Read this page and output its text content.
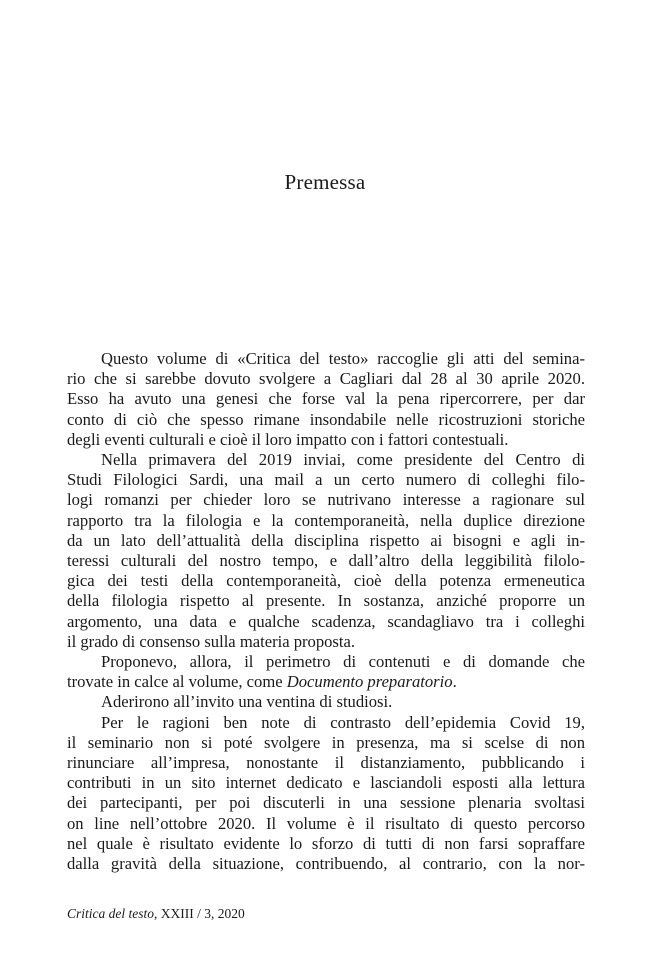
Premessa
Questo volume di «Critica del testo» raccoglie gli atti del semina-
rio che si sarebbe dovuto svolgere a Cagliari dal 28 al 30 aprile 2020.
Esso ha avuto una genesi che forse val la pena ripercorrere, per dar
conto di ciò che spesso rimane insondabile nelle ricostruzioni storiche
degli eventi culturali e cioè il loro impatto con i fattori contestuali.
Nella primavera del 2019 inviai, come presidente del Centro di
Studi Filologici Sardi, una mail a un certo numero di colleghi filo-
logi romanzi per chieder loro se nutrivano interesse a ragionare sul
rapporto tra la filologia e la contemporaneità, nella duplice direzione
da un lato dell’attualità della disciplina rispetto ai bisogni e agli in-
teressi culturali del nostro tempo, e dall’altro della leggibilità filolo-
gica dei testi della contemporaneità, cioè della potenza ermeneutica
della filologia rispetto al presente. In sostanza, anziché proporre un
argomento, una data e qualche scadenza, scandagliavo tra i colleghi
il grado di consenso sulla materia proposta.
Proponevo, allora, il perimetro di contenuti e di domande che
trovate in calce al volume, come Documento preparatorio.
Aderirono all’invito una ventina di studiosi.
Per le ragioni ben note di contrasto dell’epidemia Covid 19,
il seminario non si poté svolgere in presenza, ma si scelse di non
rinunciare all’impresa, nonostante il distanziamento, pubblicando i
contributi in un sito internet dedicato e lasciandoli esposti alla lettura
dei partecipanti, per poi discuterli in una sessione plenaria svoltasi
on line nell’ottobre 2020. Il volume è il risultato di questo percorso
nel quale è risultato evidente lo sforzo di tutti di non farsi sopraffare
dalla gravità della situazione, contribuendo, al contrario, con la nor-
Critica del testo, XXIII / 3, 2020
